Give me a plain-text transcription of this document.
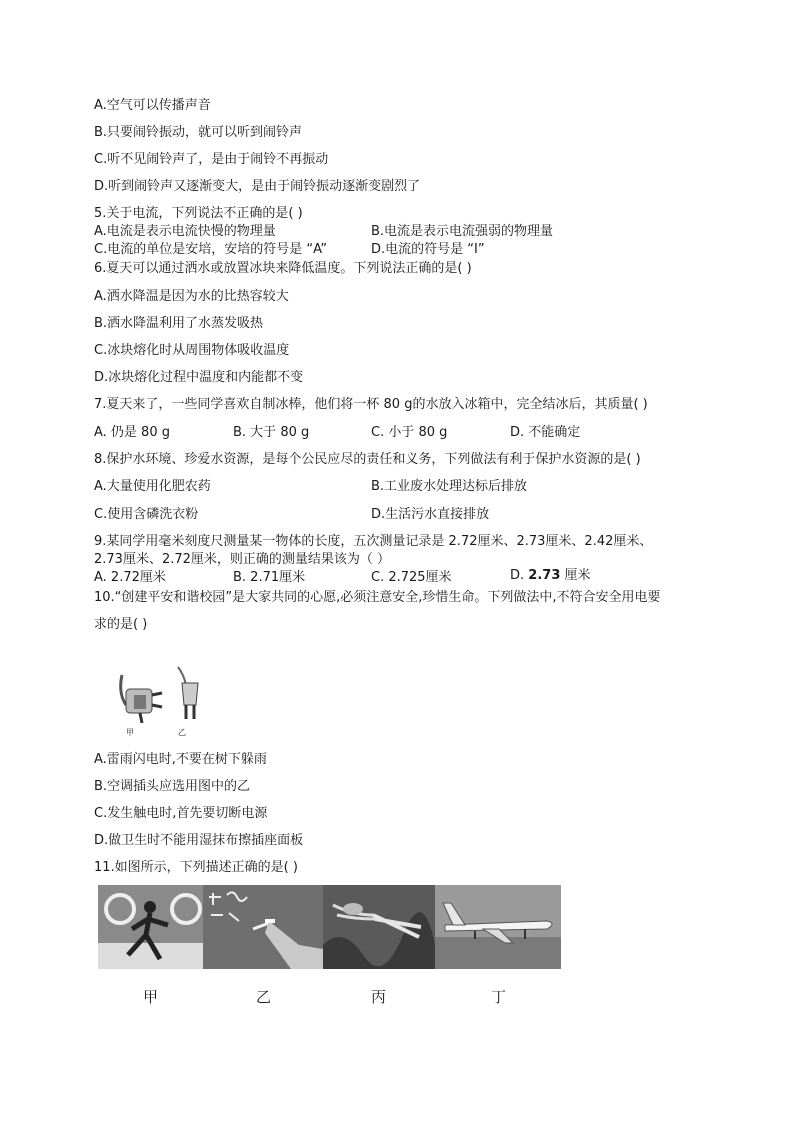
A.空气可以传播声音
B.只要闹铃振动，就可以听到闹铃声
C.听不见闹铃声了，是由于闹铃不再振动
D.听到闹铃声又逐渐变大，是由于闹铃振动逐渐变剧烈了
5.关于电流，下列说法不正确的是( )
A.电流是表示电流快慢的物理量	B.电流是表示电流强弱的物理量
C.电流的单位是安培，安培的符号是 “A”	D.电流的符号是 “I”
6.夏天可以通过洒水或放置冰块来降低温度。下列说法正确的是( )
A.洒水降温是因为水的比热容较大
B.洒水降温利用了水蒸发吸热
C.冰块熔化时从周围物体吸收温度
D.冰块熔化过程中温度和内能都不变
7.夏天来了，一些同学喜欢自制冰棒，他们将一杯 80 g的水放入冰箱中，完全结冰后，其质量( )
A. 仍是 80 g	B. 大于 80 g	C. 小于 80 g	D. 不能确定
8.保护水环境、珍爱水资源，是每个公民应尽的责任和义务，下列做法有利于保护水资源的是( )
A.大量使用化肥农药	B.工业废水处理达标后排放
C.使用含磷洗衣粉	D.生活污水直接排放
9.某同学用毫米刻度尺测量某一物体的长度，五次测量记录是 2.72厘米、2.73厘米、2.42厘米、
2.73厘米、2.72厘米，则正确的测量结果该为（ ）
A. 2.72厘米	B. 2.71厘米	C. 2.725厘米	D. 2.73 厘米
10.“创建平安和谐校园”是大家共同的心愿,必须注意安全,珍惜生命。下列做法中,不符合安全用电要
求的是( )
甲	乙
A.雷雨闪电时,不要在树下躲雨
B.空调插头应选用图中的乙
C.发生触电时,首先要切断电源
D.做卫生时不能用湿抹布擦插座面板
11.如图所示，下列描述正确的是( )
甲	乙	丙	丁
